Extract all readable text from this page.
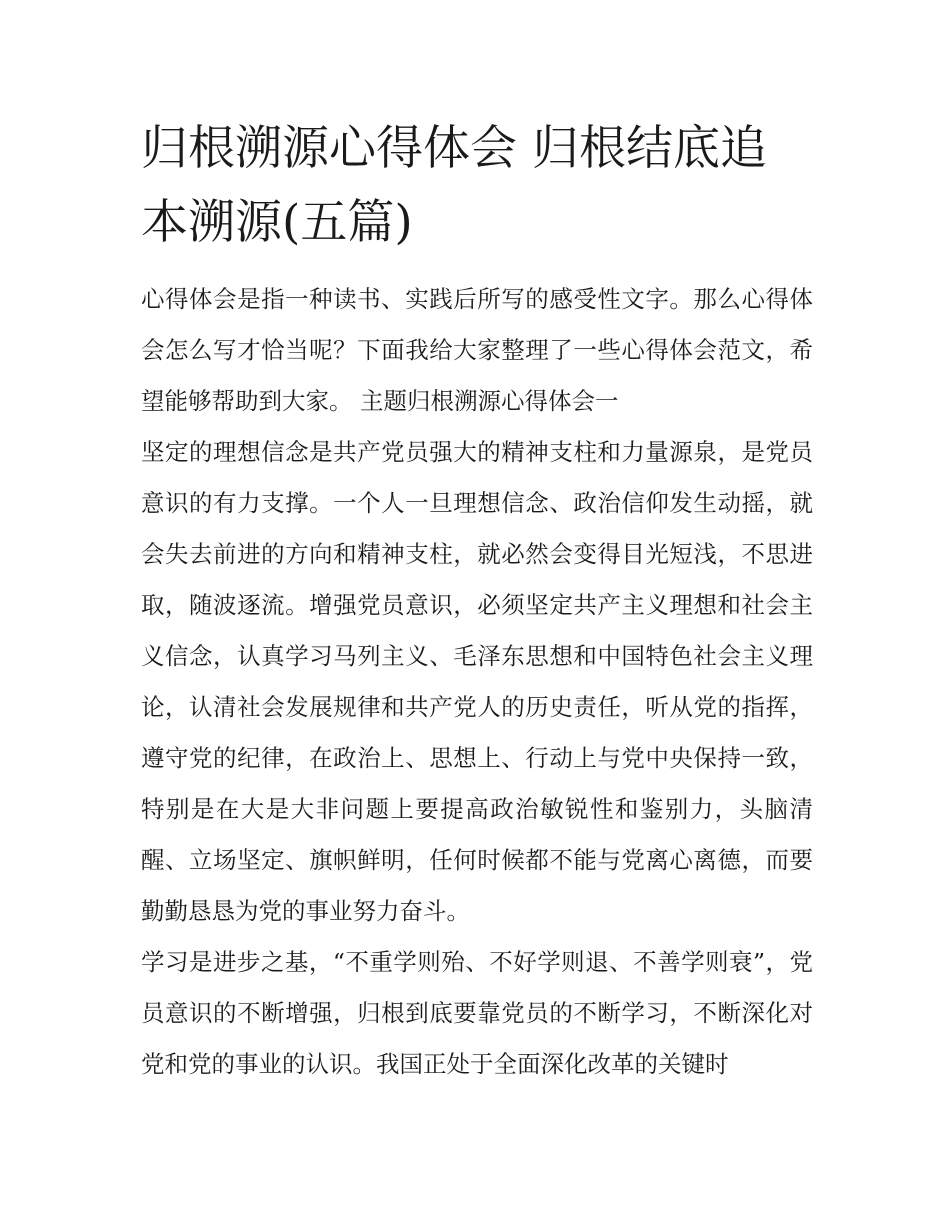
归根溯源心得体会 归根结底追本溯源(五篇)

心得体会是指一种读书、实践后所写的感受性文字。那么心得体会怎么写才恰当呢？下面我给大家整理了一些心得体会范文，希望能够帮助到大家。 主题归根溯源心得体会一

坚定的理想信念是共产党员强大的精神支柱和力量源泉，是党员意识的有力支撑。一个人一旦理想信念、政治信仰发生动摇，就会失去前进的方向和精神支柱，就必然会变得目光短浅，不思进取，随波逐流。增强党员意识，必须坚定共产主义理想和社会主义信念，认真学习马列主义、毛泽东思想和中国特色社会主义理论，认清社会发展规律和共产党人的历史责任，听从党的指挥，遵守党的纪律，在政治上、思想上、行动上与党中央保持一致，特别是在大是大非问题上要提高政治敏锐性和鉴别力，头脑清醒、立场坚定、旗帜鲜明，任何时候都不能与党离心离德，而要勤勤恳恳为党的事业努力奋斗。

学习是进步之基，“不重学则殆、不好学则退、不善学则衰”，党员意识的不断增强，归根到底要靠党员的不断学习，不断深化对党和党的事业的认识。我国正处于全面深化改革的关键时
